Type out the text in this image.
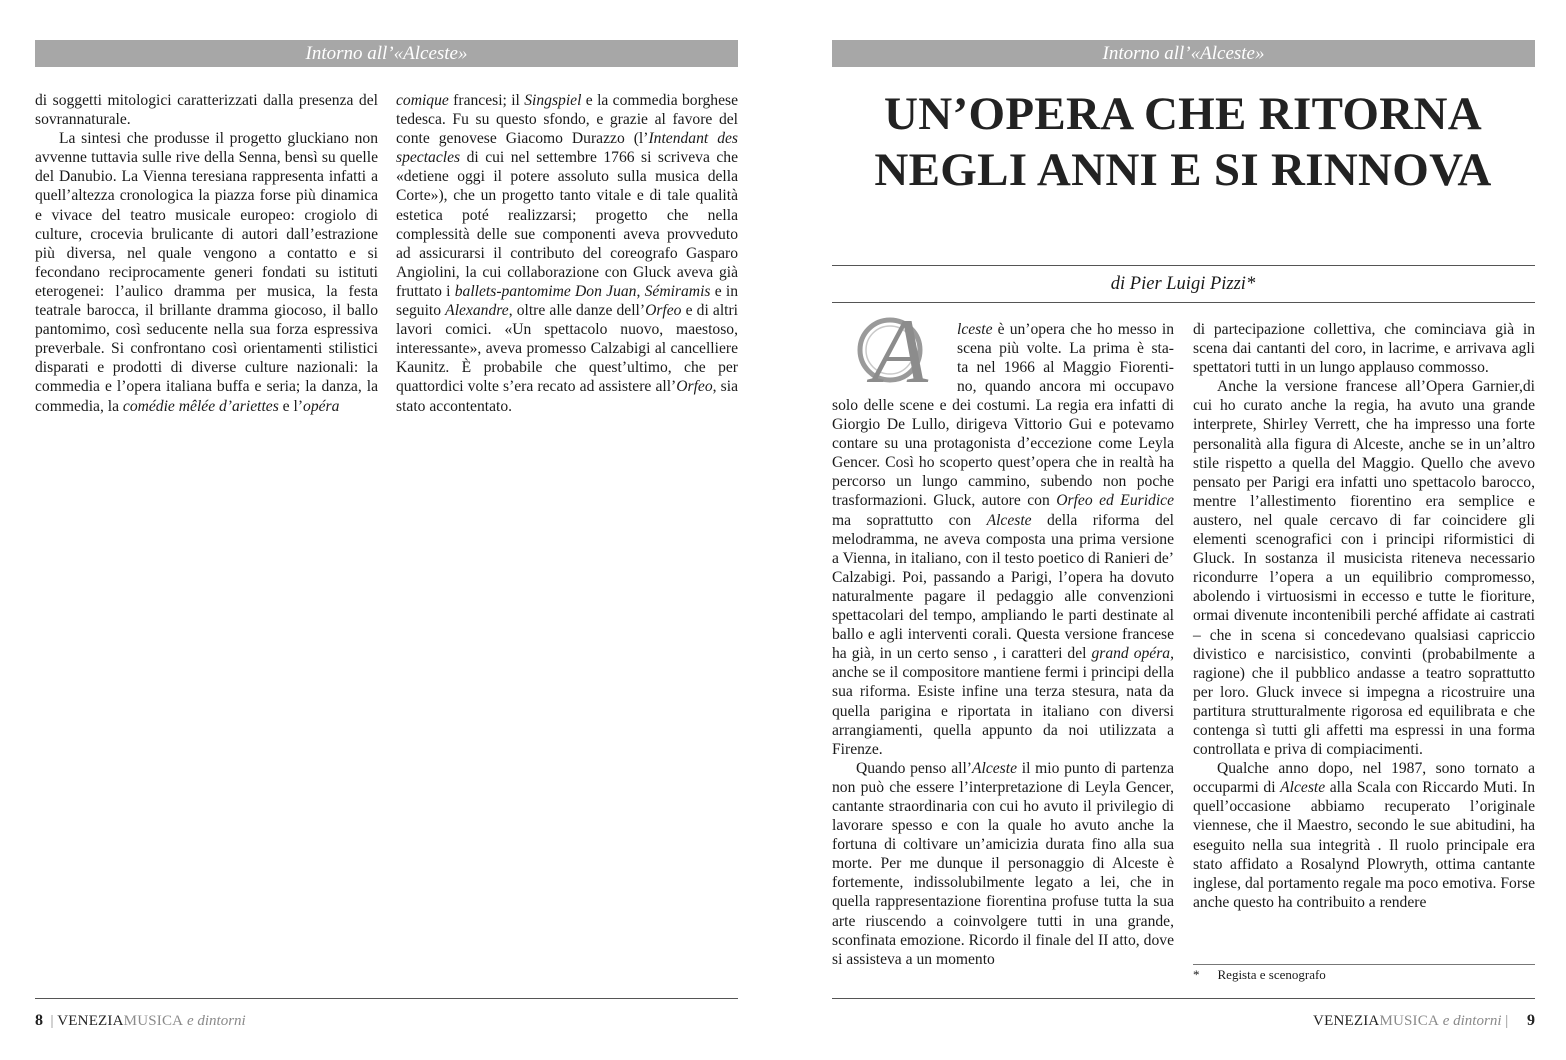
Intorno all’«Alceste»

di soggetti mitologici caratterizzati dalla presenza del sovrannaturale.

La sintesi che produsse il progetto gluckiano non avvenne tuttavia sulle rive della Senna, bensì su quelle del Danubio. La Vienna teresiana rappresenta infatti a quell’altezza cronologica la piazza forse più dinamica e vivace del teatro musicale europeo: crogiolo di culture, crocevia brulicante di autori dall’estrazione più diversa, nel quale vengono a contatto e si fecondano reciprocamente generi fondati su istituti eterogenei: l’aulico dramma per musica, la festa teatrale barocca, il brillante dramma giocoso, il ballo pantomimo, così seducente nella sua forza espressiva preverbale. Si confrontano così orientamenti stilistici disparati e prodotti di diverse culture nazionali: la commedia e l’opera italiana buffa e seria; la danza, la commedia, la comédie mêlée d’ariettes e l’opéra

comique francesi; il Singspiel e la commedia borghese tedesca. Fu su questo sfondo, e grazie al favore del conte genovese Giacomo Durazzo (l’Intendant des spectacles di cui nel settembre 1766 si scriveva che «detiene oggi il potere assoluto sulla musica della Corte»), che un progetto tanto vitale e di tale qualità estetica poté realizzarsi; progetto che nella complessità delle sue componenti aveva provveduto ad assicurarsi il contributo del coreografo Gasparo Angiolini, la cui collaborazione con Gluck aveva già fruttato i ballets-pantomime Don Juan, Sémiramis e in seguito Alexandre, oltre alle danze dell’Orfeo e di altri lavori comici. «Un spettacolo nuovo, maestoso, interessante», aveva promesso Calzabigi al cancelliere Kaunitz. È probabile che quest’ultimo, che per quattordici volte s’era recato ad assistere all’Orfeo, sia stato accontentato.

8  | VENEZIAMUSICA e dintorni
Intorno all’«Alceste»
UN’OPERA CHE RITORNA
NEGLI ANNI E SI RINNOVA
di Pier Luigi Pizzi*
A lceste è un’opera che ho messo in
scena più volte. La prima è sta-
ta nel 1966 al Maggio Fiorenti-
no, quando ancora mi occupavo

solo delle scene e dei costumi. La regia era infatti di Giorgio De Lullo, dirigeva Vittorio Gui e potevamo contare su una protagonista d’eccezione come Leyla Gencer. Così ho scoperto quest’opera che in realtà ha percorso un lungo cammino, subendo non poche trasformazioni. Gluck, autore con Orfeo ed Euridice ma soprattutto con Alceste della riforma del melodramma, ne aveva composta una prima versione a Vienna, in italiano, con il testo poetico di Ranieri de’ Calzabigi. Poi, passando a Parigi, l’opera ha dovuto naturalmente pagare il pedaggio alle convenzioni spettacolari del tempo, ampliando le parti destinate al ballo e agli interventi corali. Questa versione francese ha già, in un certo senso , i caratteri del grand opéra, anche se il compositore mantiene fermi i principi della sua riforma. Esiste infine una terza stesura, nata da quella parigina e riportata in italiano con diversi arrangiamenti, quella appunto da noi utilizzata a Firenze.

Quando penso all’Alceste il mio punto di partenza non può che essere l’interpretazione di Leyla Gencer, cantante straordinaria con cui ho avuto il privilegio di lavorare spesso e con la quale ho avuto anche la fortuna di coltivare un’amicizia durata fino alla sua morte. Per me dunque il personaggio di Alceste è fortemente, indissolubilmente legato a lei, che in quella rappresentazione fiorentina profuse tutta la sua arte riuscendo a coinvolgere tutti in una grande, sconfinata emozione. Ricordo il finale del II atto, dove si assisteva a un momento

di partecipazione collettiva, che cominciava già in scena dai cantanti del coro, in lacrime, e arrivava agli spettatori tutti in un lungo applauso commosso.

Anche la versione francese all’Opera Garnier,di cui ho curato anche la regia, ha avuto una grande interprete, Shirley Verrett, che ha impresso una forte personalità alla figura di Alceste, anche se in un’altro stile rispetto a quella del Maggio. Quello che avevo pensato per Parigi era infatti uno spettacolo barocco, mentre l’allestimento fiorentino era semplice e austero, nel quale cercavo di far coincidere gli elementi scenografici con i principi riformistici di Gluck. In sostanza il musicista riteneva necessario ricondurre l’opera a un equilibrio compromesso, abolendo i virtuosismi in eccesso e tutte le fioriture, ormai divenute incontenibili perché affidate ai castrati – che in scena si concedevano qualsiasi capriccio divistico e narcisistico, convinti (probabilmente a ragione) che il pubblico andasse a teatro soprattutto per loro. Gluck invece si impegna a ricostruire una partitura strutturalmente rigorosa ed equilibrata e che contenga sì tutti gli affetti ma espressi in una forma controllata e priva di compiacimenti.

Qualche anno dopo, nel 1987, sono tornato a occuparmi di Alceste alla Scala con Riccardo Muti. In quell’occasione abbiamo recuperato l’originale viennese, che il Maestro, secondo le sue abitudini, ha eseguito nella sua integrità . Il ruolo principale era stato affidato a Rosalynd Plowryth, ottima cantante inglese, dal portamento regale ma poco emotiva. Forse anche questo ha contribuito a rendere

* Regista e scenografo
VENEZIAMUSICA e dintorni |     9
